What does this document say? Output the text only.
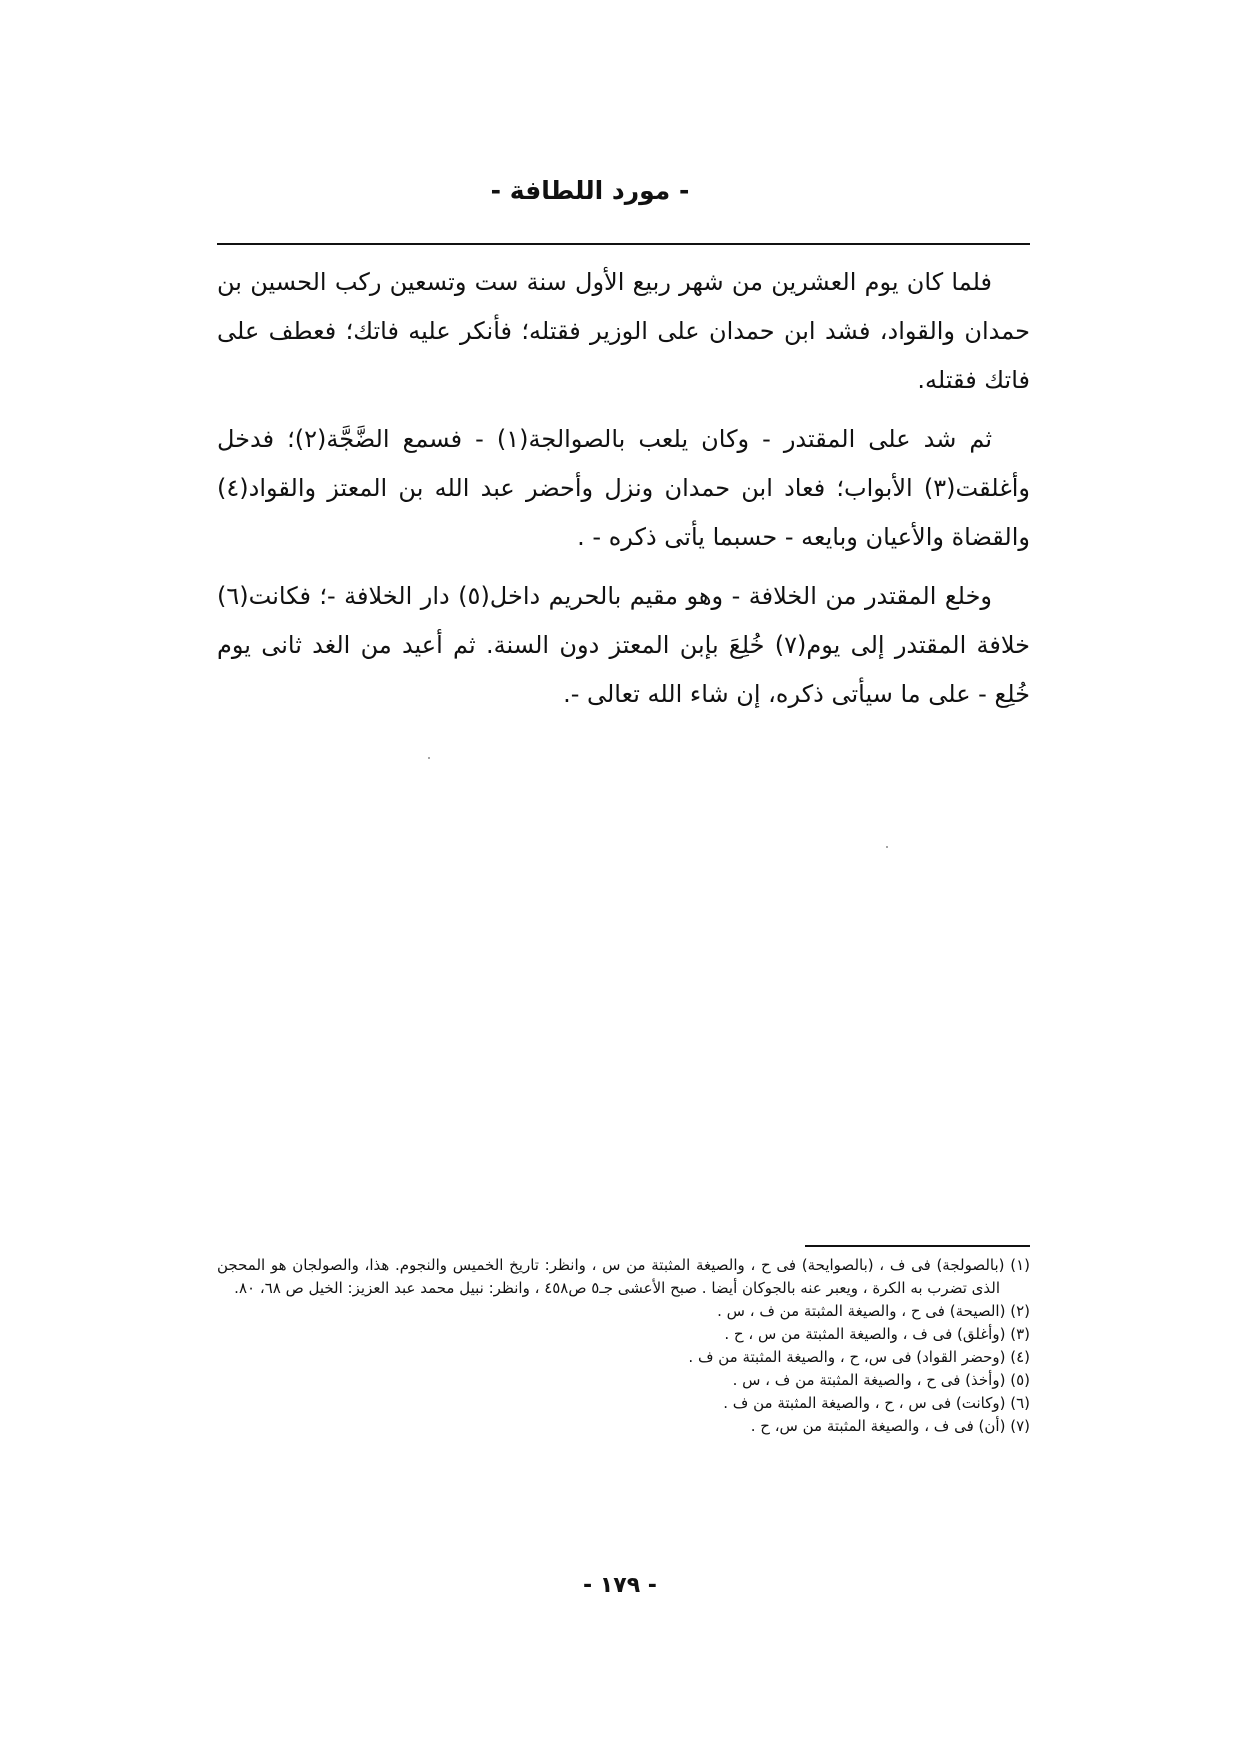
- مورد اللطافة -

فلما كان يوم العشرين من شهر ربيع الأول سنة ست وتسعين ركب الحسين بن حمدان والقواد، فشد ابن حمدان على الوزير فقتله؛ فأنكر عليه فاتك؛ فعطف على فاتك فقتله.

ثم شد على المقتدر - وكان يلعب بالصوالجة(١) - فسمع الضَّجَّة(٢)؛ فدخل وأغلقت(٣) الأبواب؛ فعاد ابن حمدان ونزل وأحضر عبد الله بن المعتز والقواد(٤) والقضاة والأعيان وبايعه - حسبما يأتى ذكره - .

وخلع المقتدر من الخلافة - وهو مقيم بالحريم داخل(٥) دار الخلافة -؛ فكانت(٦) خلافة المقتدر إلى يوم(٧) خُلِعَ بإبن المعتز دون السنة. ثم أعيد من الغد ثانى يوم خُلِع - على ما سيأتى ذكره، إن شاء الله تعالى -.

(١) (بالصولجة) فى ف ، (بالصوايحة) فى ح ، والصيغة المثبتة من س ، وانظر: تاريخ الخميس والنجوم. هذا، والصولجان هو المحجن الذى تضرب به الكرة ، ويعبر عنه بالجوكان أيضا . صبح الأعشى جـ٥ ص٤٥٨ ، وانظر: نبيل محمد عبد العزيز: الخيل ص ٦٨، ٨٠.

(٢) (الصيحة) فى ح ، والصيغة المثبتة من ف ، س .

(٣) (وأغلق) فى ف ، والصيغة المثبتة من س ، ح .

(٤) (وحضر القواد) فى س، ح ، والصيغة المثبتة من ف .

(٥) (وأخذ) فى ح ، والصيغة المثبتة من ف ، س .

(٦) (وكانت) فى س ، ح ، والصيغة المثبتة من ف .

(٧) (أن) فى ف ، والصيغة المثبتة من س، ح .

- ١٧٩ -
